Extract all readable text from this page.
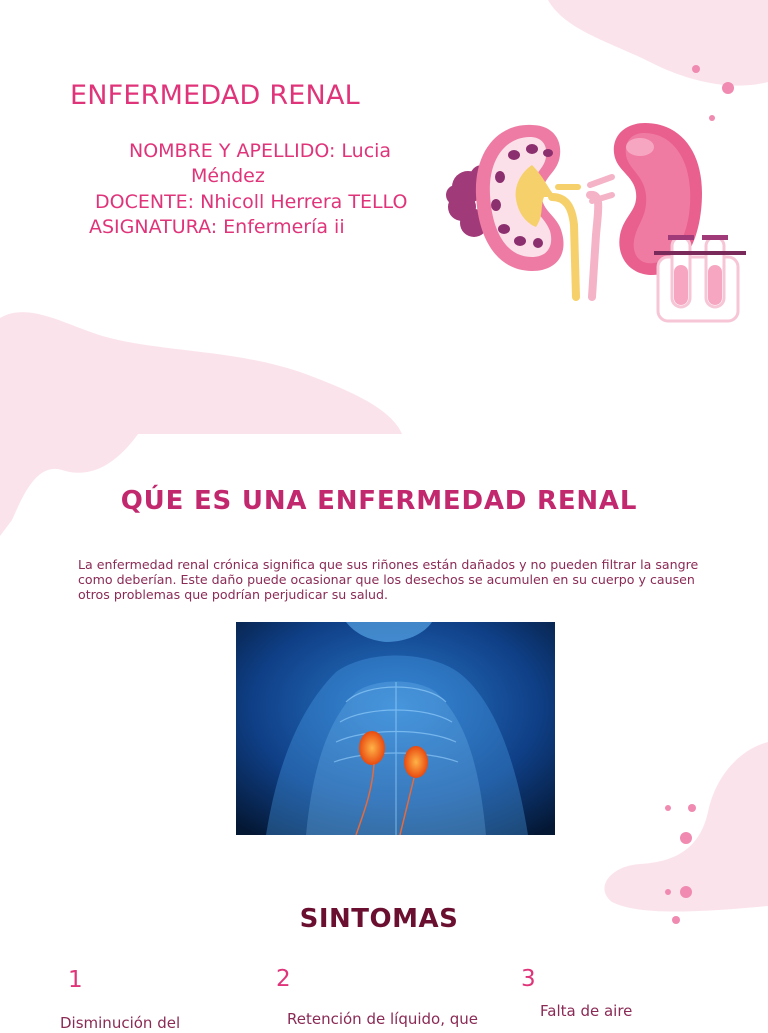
ENFERMEDAD RENAL
NOMBRE Y APELLIDO: Lucia
Méndez
DOCENTE: Nhicoll Herrera TELLO
ASIGNATURA: Enfermería ii
QÚE ES UNA ENFERMEDAD RENAL

La enfermedad renal crónica significa que sus riñones están dañados y no pueden filtrar la sangre como deberían. Este daño puede ocasionar que los desechos se acumulen en su cuerpo y causen otros problemas que podrían perjudicar su salud.

SINTOMAS
1
Disminución del
2
Retención de líquido, que
3
Falta de aire
